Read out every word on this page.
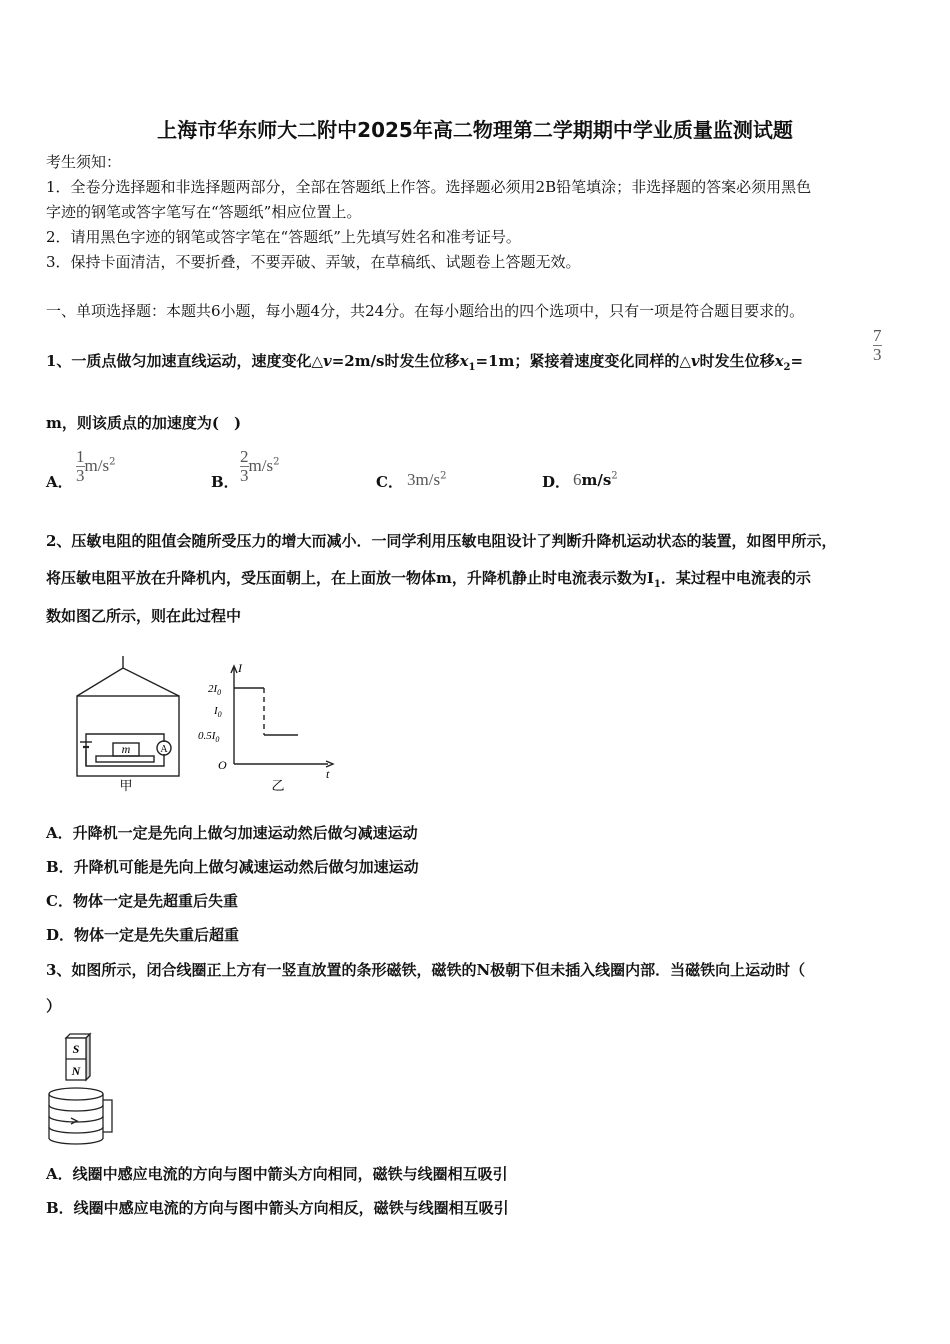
上海市华东师大二附中2025年高二物理第二学期期中学业质量监测试题
考生须知：
1．全卷分选择题和非选择题两部分，全部在答题纸上作答。选择题必须用2B铅笔填涂；非选择题的答案必须用黑色
字迹的钢笔或答字笔写在“答题纸”相应位置上。
2．请用黑色字迹的钢笔或答字笔在“答题纸”上先填写姓名和准考证号。
3．保持卡面清洁，不要折叠，不要弄破、弄皱，在草稿纸、试题卷上答题无效。
一、单项选择题：本题共6小题，每小题4分，共24分。在每小题给出的四个选项中，只有一项是符合题目要求的。
1、一质点做匀加速直线运动，速度变化△v=2m/s时发生位移$x_1=1m$；紧接着速度变化同样的△v时发生位移$x_2=$	$\frac{7}{3}$
m，则该质点的加速度为(　)
A． $\frac{1}{3} m/s^2$
B． $\frac{2}{3} m/s^2$
C． $3m/s^2$	D． $6m/s^2$
2、压敏电阻的阻值会随所受压力的增大而减小．一同学利用压敏电阻设计了判断升降机运动状态的装置，如图甲所示，
将压敏电阻平放在升降机内，受压面朝上，在上面放一物体m，升降机静止时电流表示数为$I_1$．某过程中电流表的示
数如图乙所示，则在此过程中
m	A
甲
I
t
O
$2I_0$
$I_0$
$0.5I_0$
乙
A．升降机一定是先向上做匀加速运动然后做匀减速运动
B．升降机可能是先向上做匀减速运动然后做匀加速运动
C．物体一定是先超重后失重
D．物体一定是先失重后超重
3、如图所示，闭合线圈正上方有一竖直放置的条形磁铁，磁铁的N极朝下但未插入线圈内部．当磁铁向上运动时（
）
S
N
A．线圈中感应电流的方向与图中箭头方向相同，磁铁与线圈相互吸引
B．线圈中感应电流的方向与图中箭头方向相反，磁铁与线圈相互吸引
